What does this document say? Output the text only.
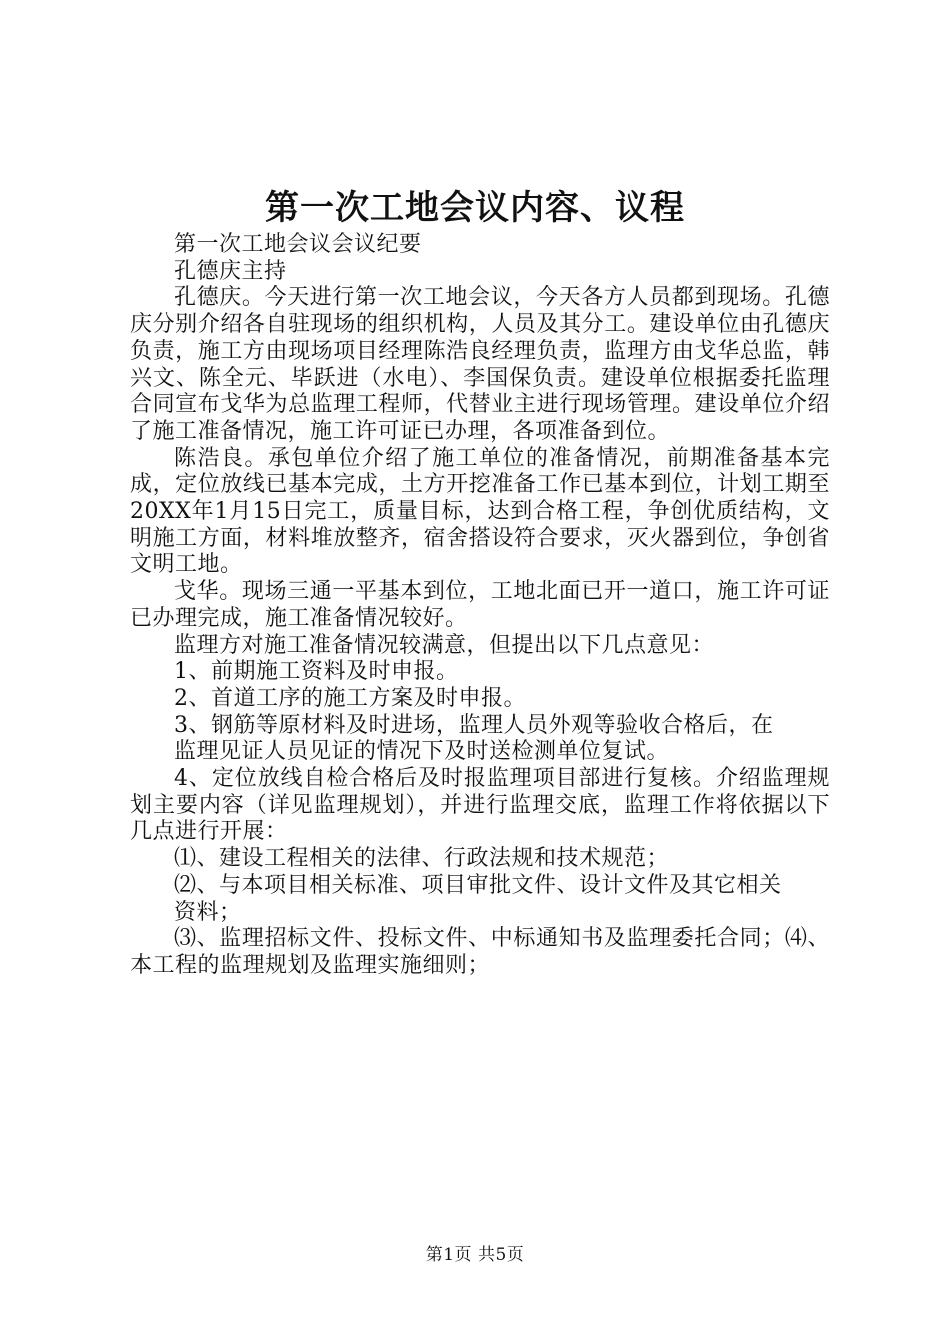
第一次工地会议内容、议程

第一次工地会议会议纪要

孔德庆主持

孔德庆。今天进行第一次工地会议，今天各方人员都到现场。孔德庆分别介绍各自驻现场的组织机构，人员及其分工。建设单位由孔德庆负责，施工方由现场项目经理陈浩良经理负责，监理方由戈华总监，韩兴文、陈全元、毕跃进（水电）、李国保负责。建设单位根据委托监理合同宣布戈华为总监理工程师，代替业主进行现场管理。建设单位介绍了施工准备情况，施工许可证已办理，各项准备到位。

陈浩良。承包单位介绍了施工单位的准备情况，前期准备基本完成，定位放线已基本完成，土方开挖准备工作已基本到位，计划工期至20XX年1月15日完工，质量目标，达到合格工程，争创优质结构，文明施工方面，材料堆放整齐，宿舍搭设符合要求，灭火器到位，争创省文明工地。

戈华。现场三通一平基本到位，工地北面已开一道口，施工许可证已办理完成，施工准备情况较好。

监理方对施工准备情况较满意，但提出以下几点意见：

1、前期施工资料及时申报。

2、首道工序的施工方案及时申报。

3、钢筋等原材料及时进场，监理人员外观等验收合格后，在

监理见证人员见证的情况下及时送检测单位复试。

4、定位放线自检合格后及时报监理项目部进行复核。介绍监理规划主要内容（详见监理规划），并进行监理交底，监理工作将依据以下几点进行开展：

⑴、建设工程相关的法律、行政法规和技术规范；

⑵、与本项目相关标准、项目审批文件、设计文件及其它相关

资料；

⑶、监理招标文件、投标文件、中标通知书及监理委托合同；⑷、本工程的监理规划及监理实施细则；

第1页 共5页
